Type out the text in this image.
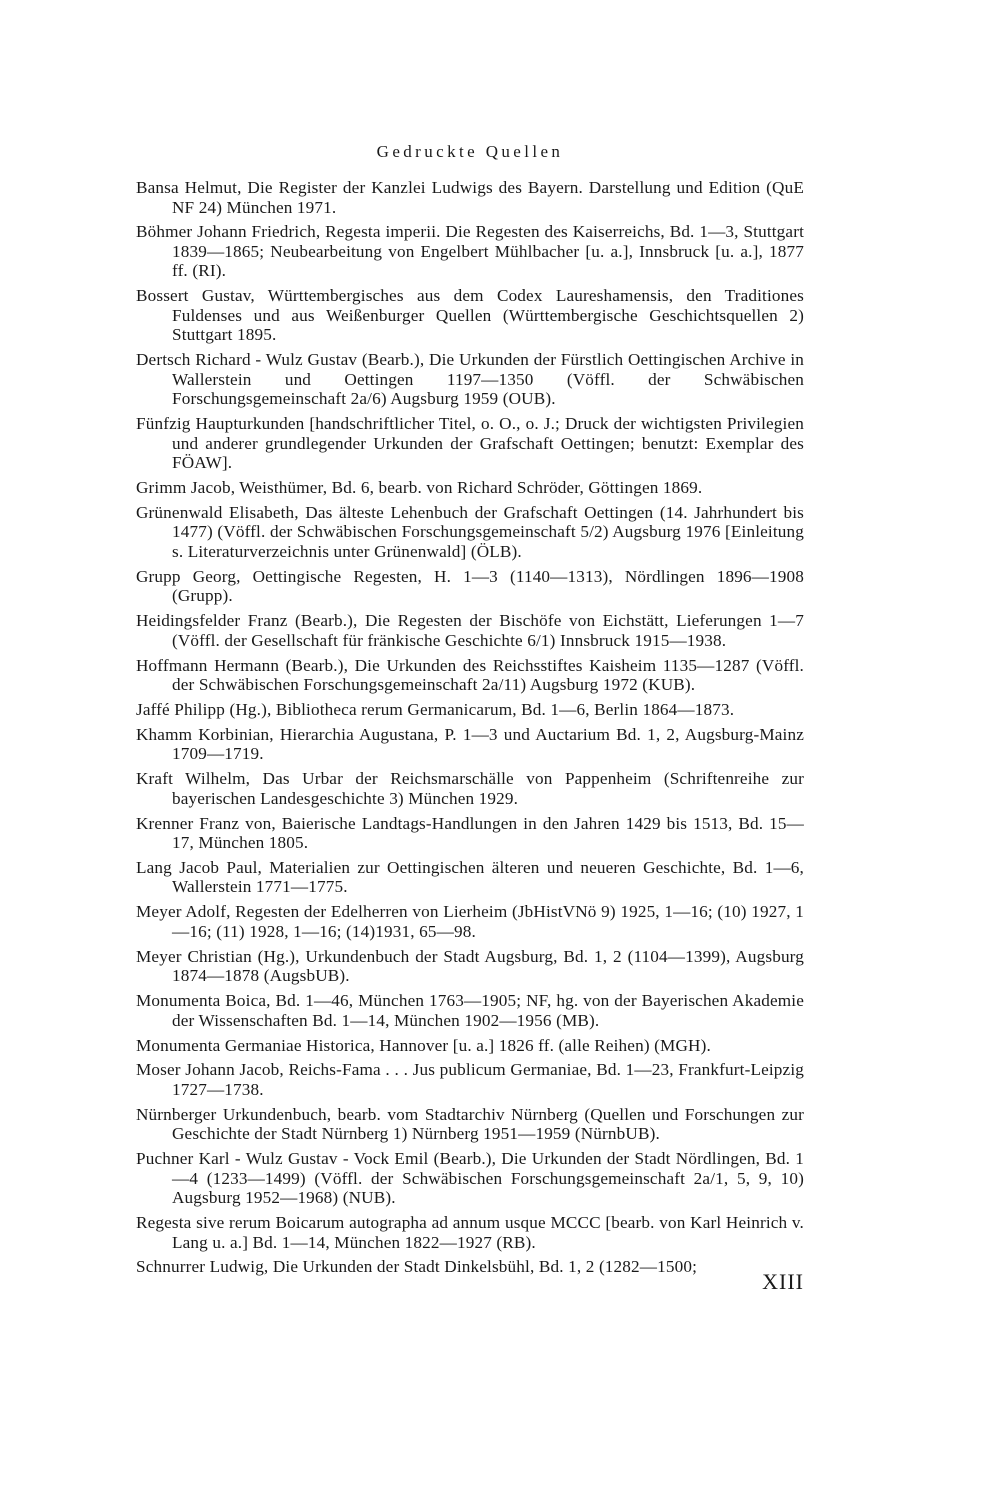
Gedruckte Quellen

Bansa Helmut, Die Register der Kanzlei Ludwigs des Bayern. Darstellung und Edition (QuE NF 24) München 1971.

Böhmer Johann Friedrich, Regesta imperii. Die Regesten des Kaiserreichs, Bd. 1—3, Stuttgart 1839—1865; Neubearbeitung von Engelbert Mühlbacher [u. a.], Innsbruck [u. a.], 1877 ff. (RI).

Bossert Gustav, Württembergisches aus dem Codex Laureshamensis, den Traditiones Fuldenses und aus Weißenburger Quellen (Württembergische Geschichtsquellen 2) Stuttgart 1895.

Dertsch Richard - Wulz Gustav (Bearb.), Die Urkunden der Fürstlich Oettingischen Archive in Wallerstein und Oettingen 1197—1350 (Vöffl. der Schwäbischen Forschungsgemeinschaft 2a/6) Augsburg 1959 (OUB).

Fünfzig Haupturkunden [handschriftlicher Titel, o. O., o. J.; Druck der wichtigsten Privilegien und anderer grundlegender Urkunden der Grafschaft Oettingen; benutzt: Exemplar des FÖAW].

Grimm Jacob, Weisthümer, Bd. 6, bearb. von Richard Schröder, Göttingen 1869.

Grünenwald Elisabeth, Das älteste Lehenbuch der Grafschaft Oettingen (14. Jahrhundert bis 1477) (Vöffl. der Schwäbischen Forschungsgemeinschaft 5/2) Augsburg 1976 [Einleitung s. Literaturverzeichnis unter Grünenwald] (ÖLB).

Grupp Georg, Oettingische Regesten, H. 1—3 (1140—1313), Nördlingen 1896—1908 (Grupp).

Heidingsfelder Franz (Bearb.), Die Regesten der Bischöfe von Eichstätt, Lieferungen 1—7 (Vöffl. der Gesellschaft für fränkische Geschichte 6/1) Innsbruck 1915—1938.

Hoffmann Hermann (Bearb.), Die Urkunden des Reichsstiftes Kaisheim 1135—1287 (Vöffl. der Schwäbischen Forschungsgemeinschaft 2a/11) Augsburg 1972 (KUB).

Jaffé Philipp (Hg.), Bibliotheca rerum Germanicarum, Bd. 1—6, Berlin 1864—1873.

Khamm Korbinian, Hierarchia Augustana, P. 1—3 und Auctarium Bd. 1, 2, Augsburg-Mainz 1709—1719.

Kraft Wilhelm, Das Urbar der Reichsmarschälle von Pappenheim (Schriftenreihe zur bayerischen Landesgeschichte 3) München 1929.

Krenner Franz von, Baierische Landtags-Handlungen in den Jahren 1429 bis 1513, Bd. 15—17, München 1805.

Lang Jacob Paul, Materialien zur Oettingischen älteren und neueren Geschichte, Bd. 1—6, Wallerstein 1771—1775.

Meyer Adolf, Regesten der Edelherren von Lierheim (JbHistVNö 9) 1925, 1—16; (10) 1927, 1—16; (11) 1928, 1—16; (14)1931, 65—98.

Meyer Christian (Hg.), Urkundenbuch der Stadt Augsburg, Bd. 1, 2 (1104—1399), Augsburg 1874—1878 (AugsbUB).

Monumenta Boica, Bd. 1—46, München 1763—1905; NF, hg. von der Bayerischen Akademie der Wissenschaften Bd. 1—14, München 1902—1956 (MB).

Monumenta Germaniae Historica, Hannover [u. a.] 1826 ff. (alle Reihen) (MGH).

Moser Johann Jacob, Reichs-Fama . . . Jus publicum Germaniae, Bd. 1—23, Frankfurt-Leipzig 1727—1738.

Nürnberger Urkundenbuch, bearb. vom Stadtarchiv Nürnberg (Quellen und Forschungen zur Geschichte der Stadt Nürnberg 1) Nürnberg 1951—1959 (NürnbUB).

Puchner Karl - Wulz Gustav - Vock Emil (Bearb.), Die Urkunden der Stadt Nördlingen, Bd. 1—4 (1233—1499) (Vöffl. der Schwäbischen Forschungsgemeinschaft 2a/1, 5, 9, 10) Augsburg 1952—1968) (NUB).

Regesta sive rerum Boicarum autographa ad annum usque MCCC [bearb. von Karl Heinrich v. Lang u. a.] Bd. 1—14, München 1822—1927 (RB).

Schnurrer Ludwig, Die Urkunden der Stadt Dinkelsbühl, Bd. 1, 2 (1282—1500;

XIII
